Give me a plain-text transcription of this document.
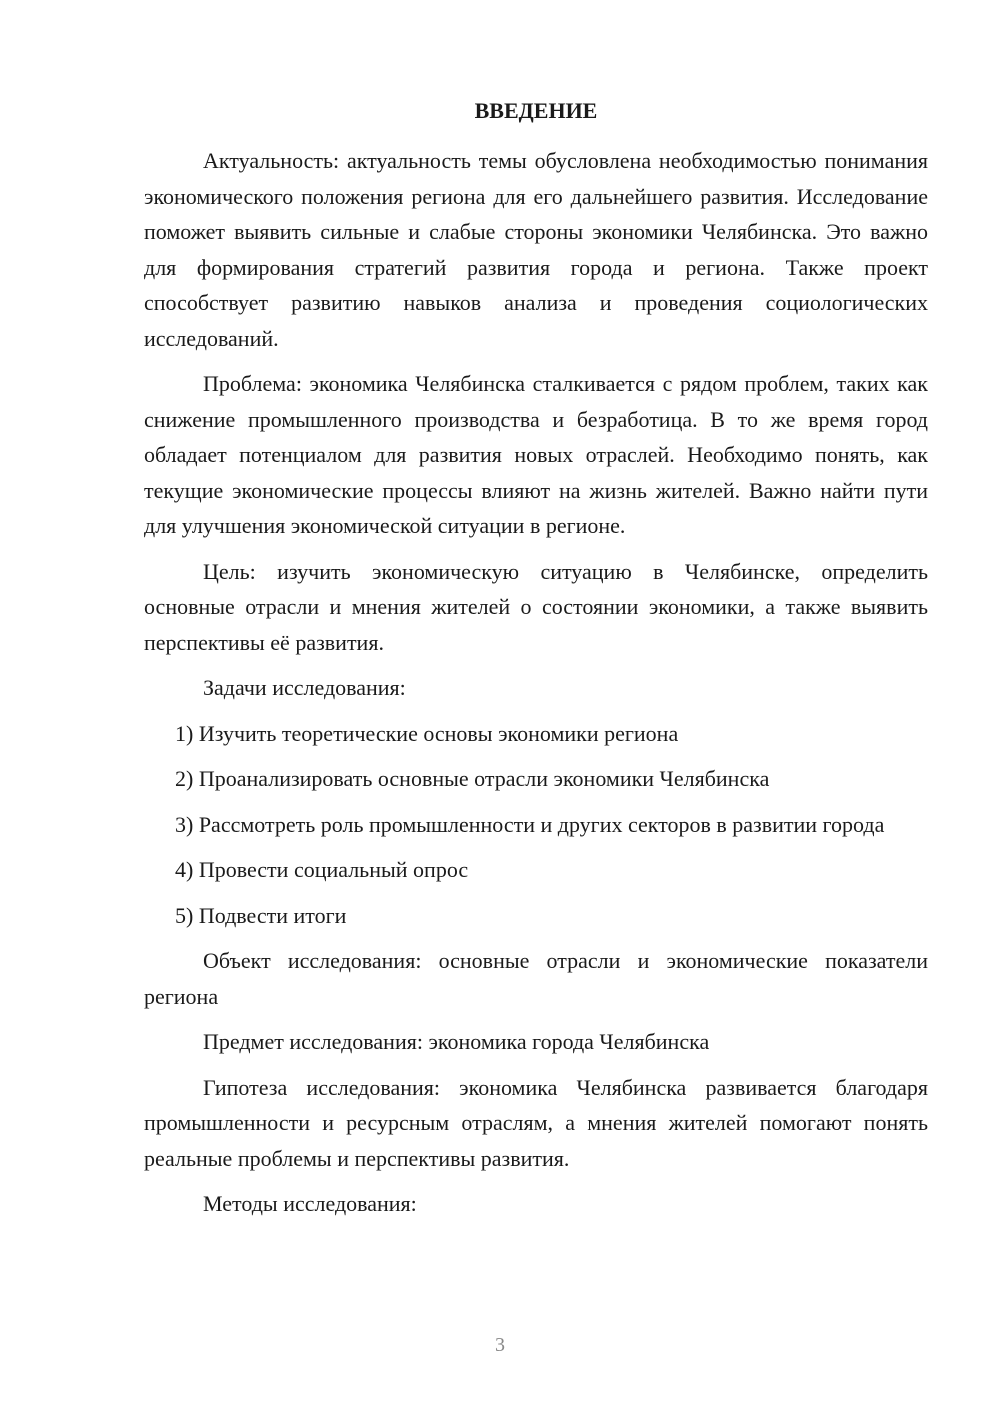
ВВЕДЕНИЕ

Актуальность: актуальность темы обусловлена необходимостью понимания экономического положения региона для его дальнейшего развития. Исследование поможет выявить сильные и слабые стороны экономики Челябинска. Это важно для формирования стратегий развития города и региона. Также проект способствует развитию навыков анализа и проведения социологических исследований.

Проблема: экономика Челябинска сталкивается с рядом проблем, таких как снижение промышленного производства и безработица. В то же время город обладает потенциалом для развития новых отраслей. Необходимо понять, как текущие экономические процессы влияют на жизнь жителей. Важно найти пути для улучшения экономической ситуации в регионе.

Цель: изучить экономическую ситуацию в Челябинске, определить основные отрасли и мнения жителей о состоянии экономики, а также выявить перспективы её развития.

Задачи исследования:

1) Изучить теоретические основы экономики региона

2) Проанализировать основные отрасли экономики Челябинска

3) Рассмотреть роль промышленности и других секторов в развитии города

4) Провести социальный опрос

5) Подвести итоги

Объект исследования: основные отрасли и экономические показатели региона

Предмет исследования: экономика города Челябинска

Гипотеза исследования: экономика Челябинска развивается благодаря промышленности и ресурсным отраслям, а мнения жителей помогают понять реальные проблемы и перспективы развития.

Методы исследования:

3
